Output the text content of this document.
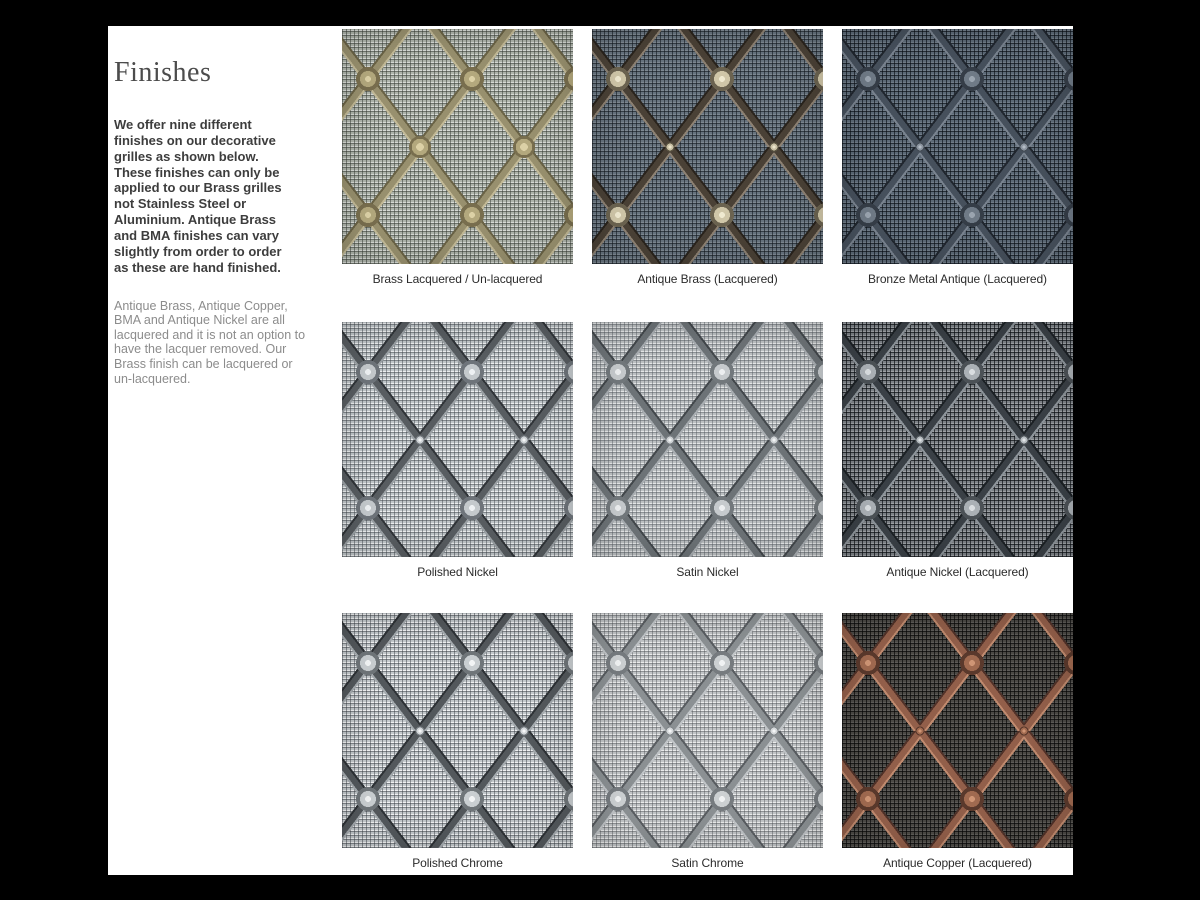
Finishes

We offer nine different finishes on our decorative grilles as shown below. These finishes can only be applied to our Brass grilles not Stainless Steel or Aluminium. Antique Brass and BMA finishes can vary slightly from order to order as these are hand finished.

Antique Brass, Antique Copper, BMA and Antique Nickel are all lacquered and it is not an option to have the lacquer removed. Our Brass finish can be lacquered or un-lacquered.

Brass Lacquered / Un-lacquered	Antique Brass (Lacquered)	Bronze Metal Antique (Lacquered)
Polished Nickel	Satin Nickel	Antique Nickel (Lacquered)
Polished Chrome	Satin Chrome	Antique Copper (Lacquered)
